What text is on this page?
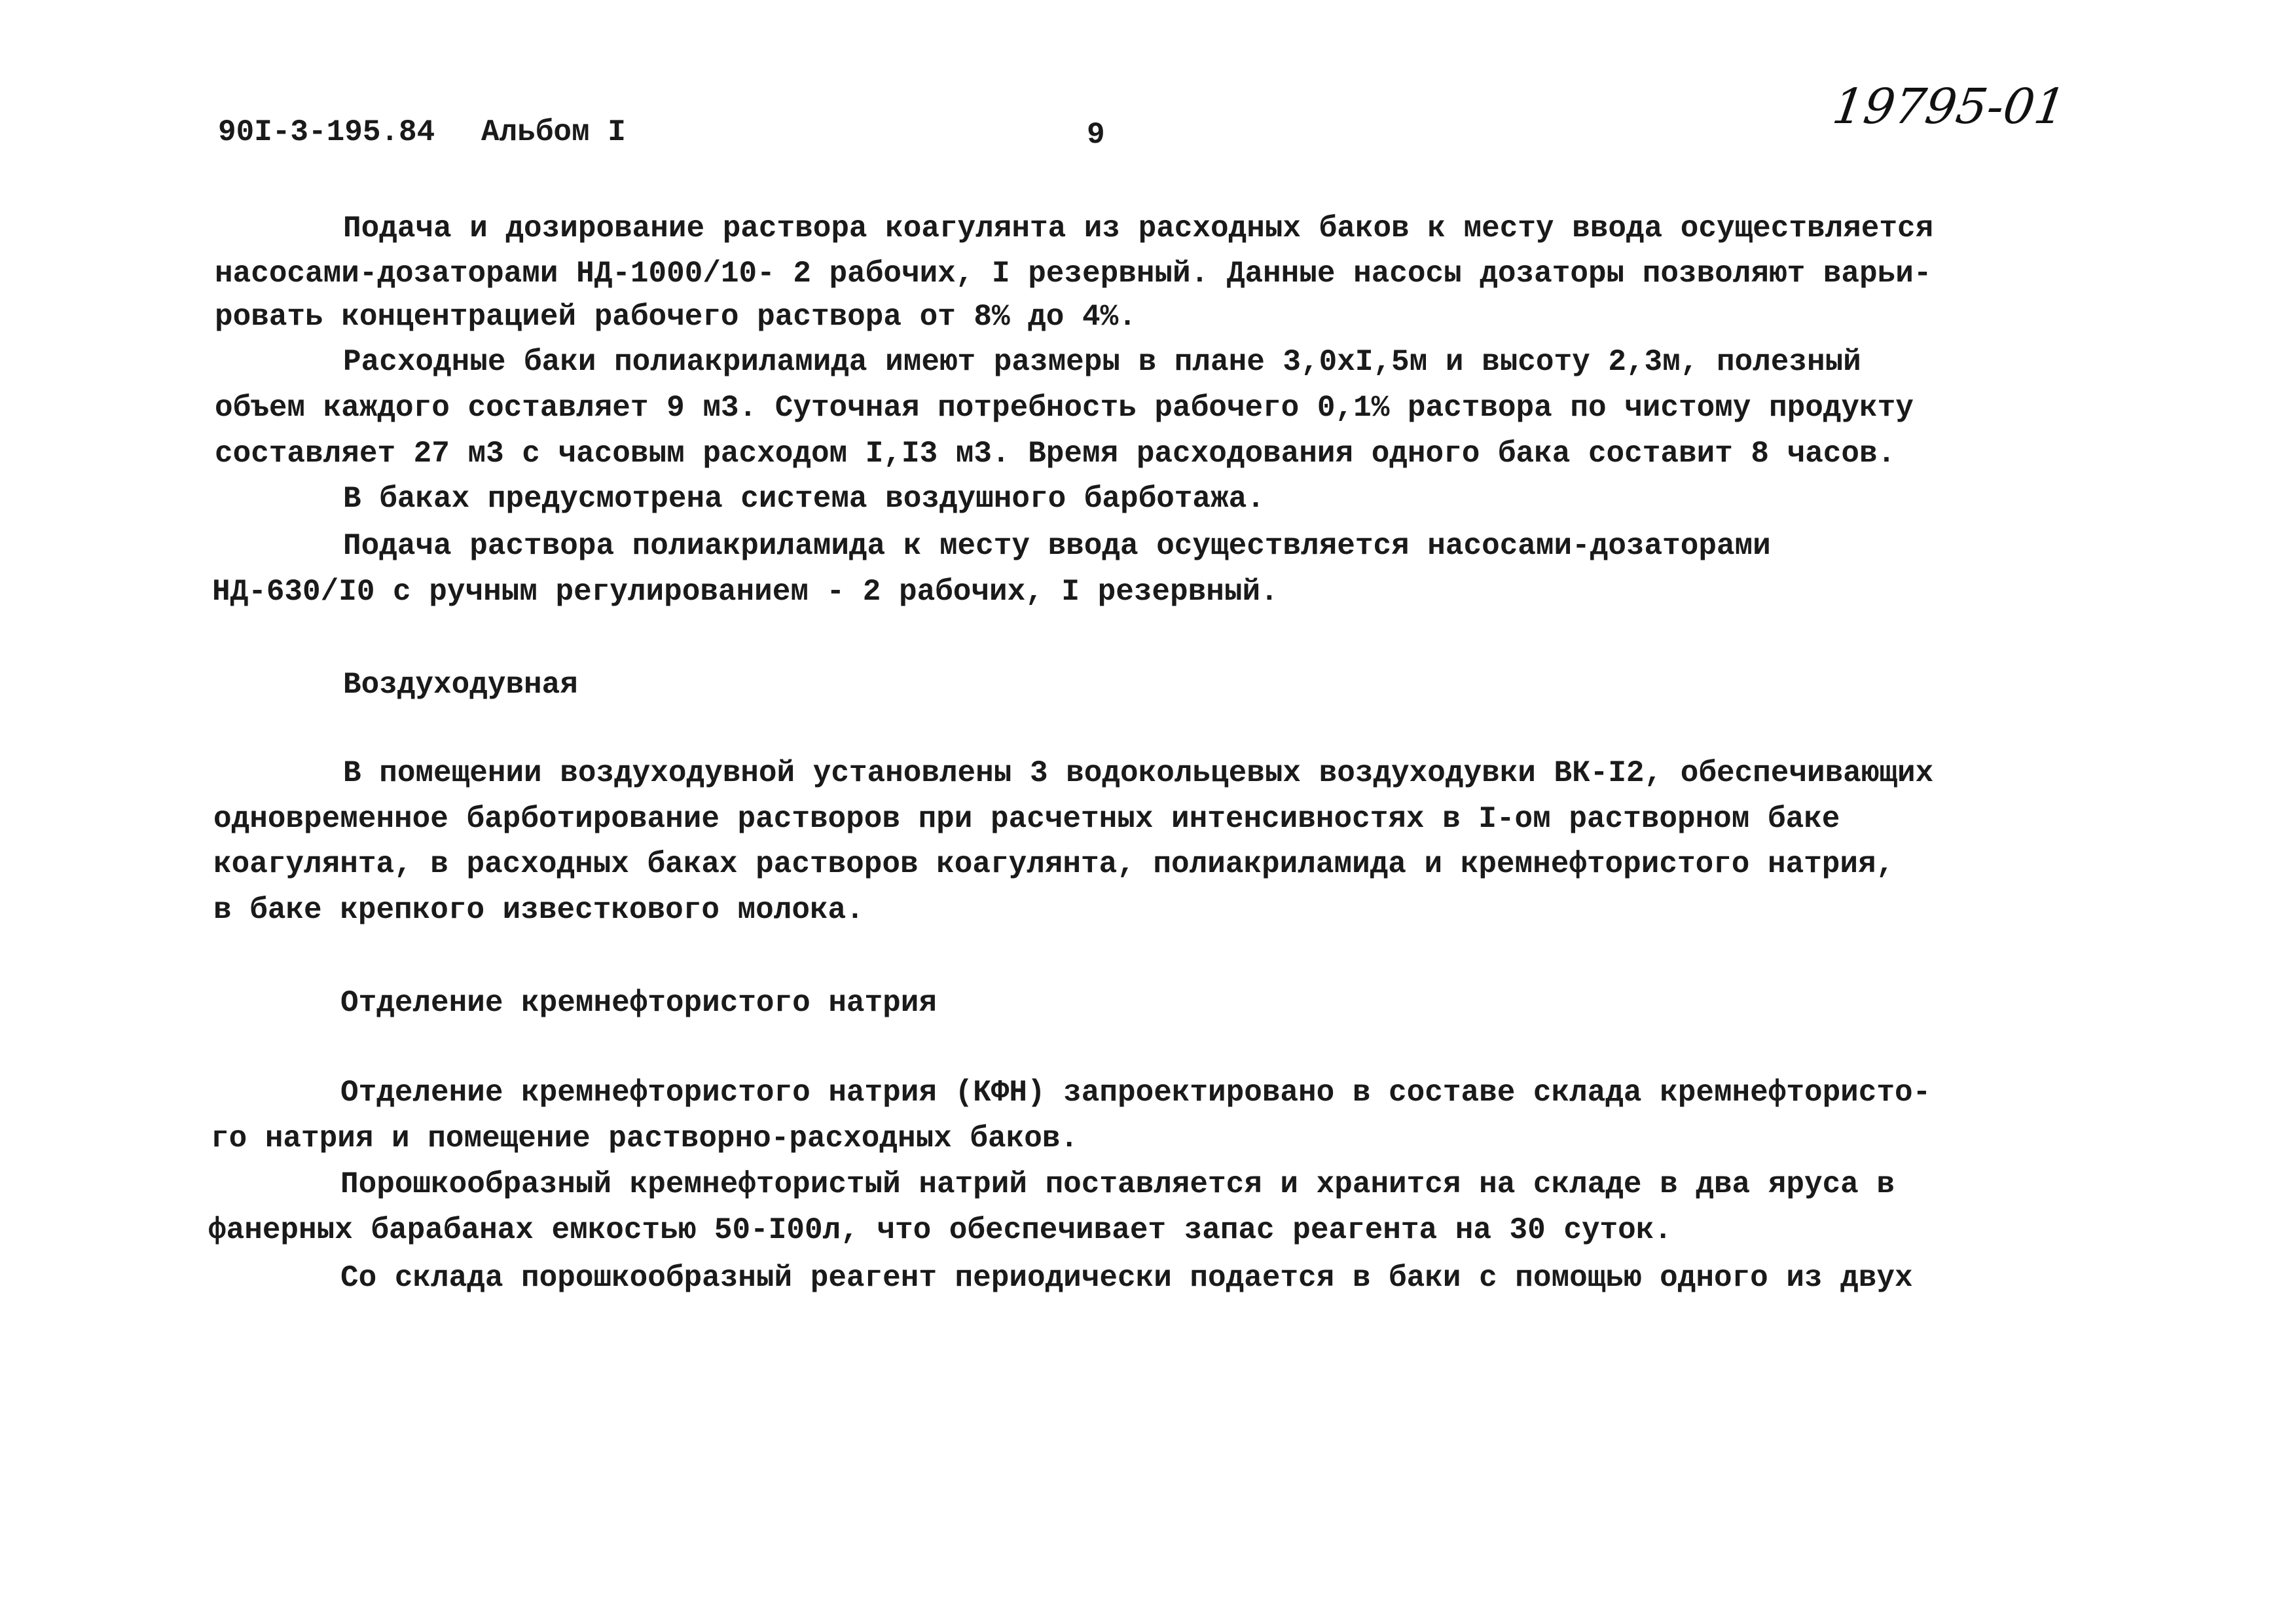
90I-3-195.84 Альбом I	9	19795-01
Подача и дозирование раствора коагулянта из расходных баков к месту ввода осуществляется
насосами-дозаторами НД-1000/10- 2 рабочих, I резервный. Данные насосы дозаторы позволяют варьи-
ровать концентрацией рабочего раствора от 8% до 4%.
Расходные баки полиакриламида имеют размеры в плане 3,0хI,5м и высоту 2,3м, полезный
объем каждого составляет 9 м3. Суточная потребность рабочего 0,1% раствора по чистому продукту
составляет 27 м3 с часовым расходом I,I3 м3. Время расходования одного бака составит 8 часов.
В баках предусмотрена система воздушного барботажа.
Подача раствора полиакриламида к месту ввода осуществляется насосами-дозаторами
НД-630/I0 с ручным регулированием - 2 рабочих, I резервный.
Воздуходувная
В помещении воздуходувной установлены 3 водокольцевых воздуходувки ВК-I2, обеспечивающих
одновременное барботирование растворов при расчетных интенсивностях в I-ом растворном баке
коагулянта, в расходных баках растворов коагулянта, полиакриламида и кремнефтористого натрия,
в баке крепкого известкового молока.
Отделение кремнефтористого натрия
Отделение кремнефтористого натрия (КФН) запроектировано в составе склада кремнефтористо-
го натрия и помещение растворно-расходных баков.
Порошкообразный кремнефтористый натрий поставляется и хранится на складе в два яруса в
фанерных барабанах емкостью 50-I00л, что обеспечивает запас реагента на 30 суток.
Со склада порошкообразный реагент периодически подается в баки с помощью одного из двух
